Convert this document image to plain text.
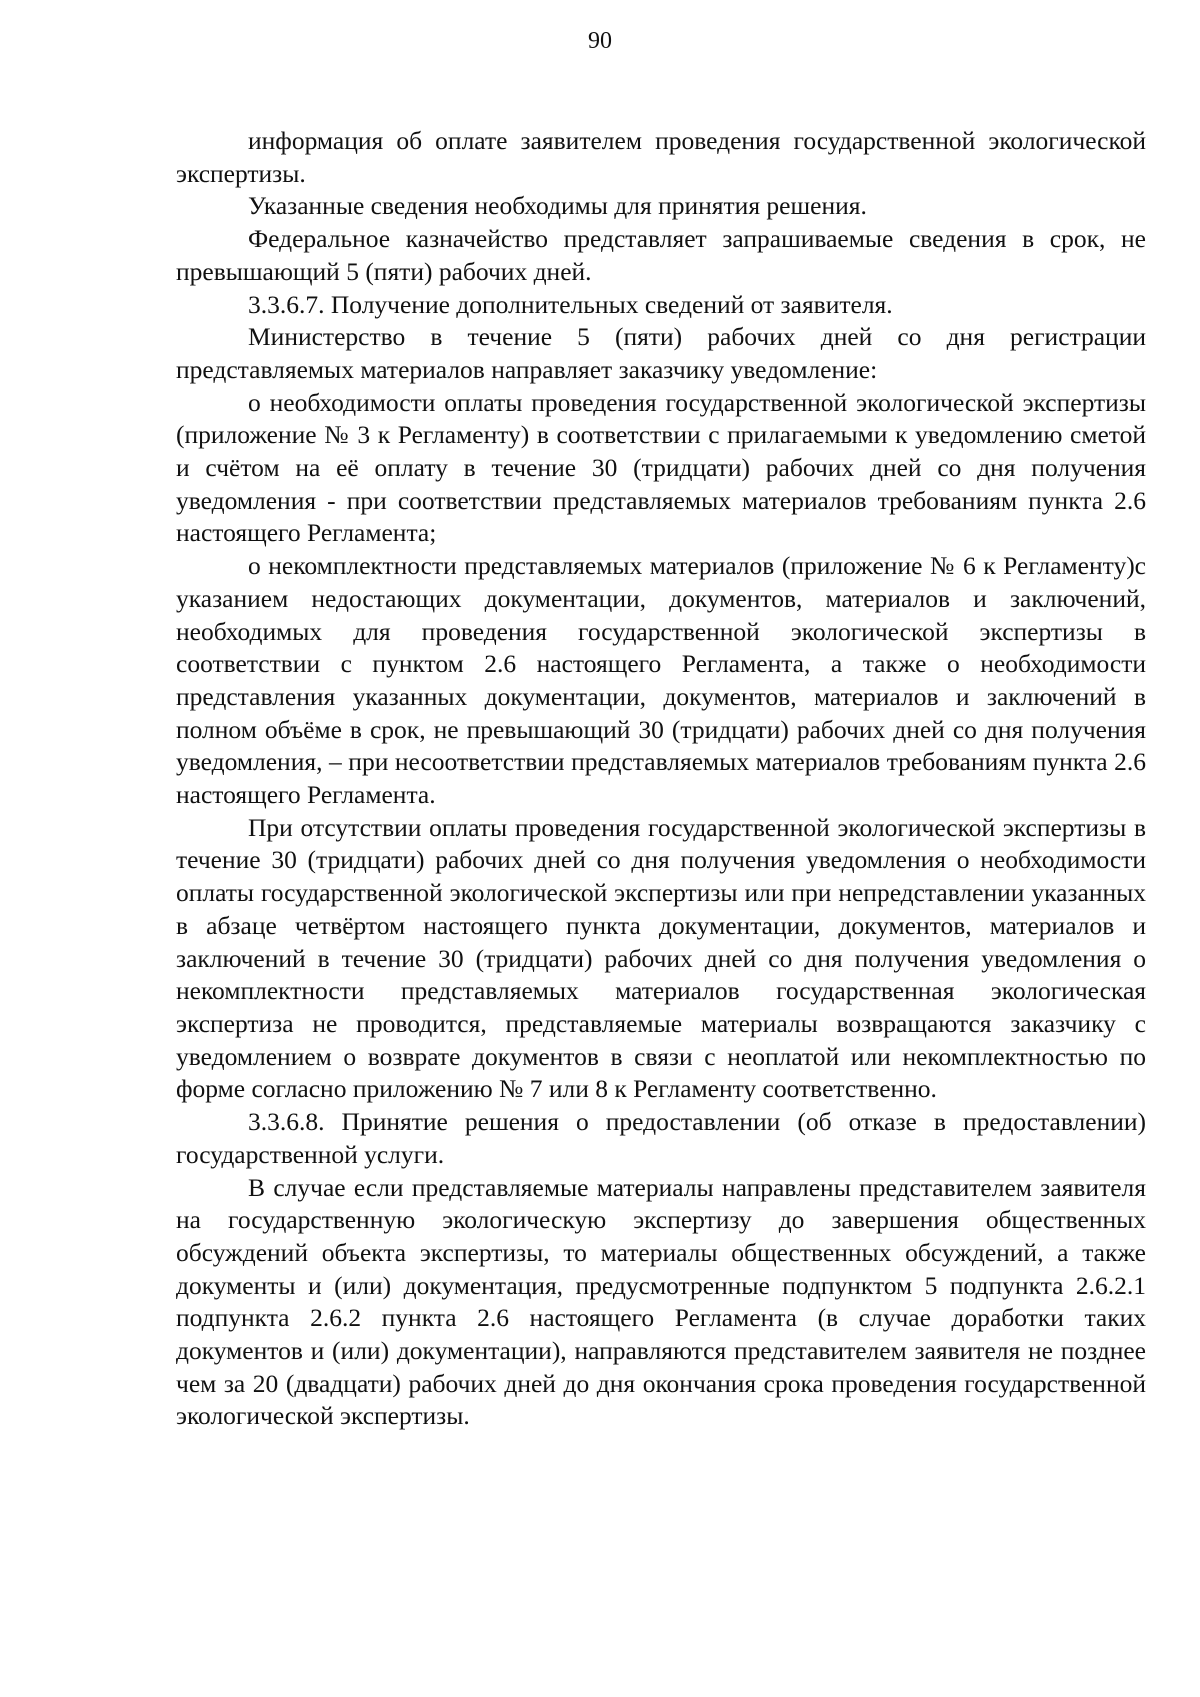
90

информация об оплате заявителем проведения государственной экологической экспертизы.

Указанные сведения необходимы для принятия решения.

Федеральное казначейство представляет запрашиваемые сведения в срок, не превышающий 5 (пяти) рабочих дней.

3.3.6.7. Получение дополнительных сведений от заявителя.

Министерство в течение 5 (пяти) рабочих дней со дня регистрации представляемых материалов направляет заказчику уведомление:

о необходимости оплаты проведения государственной экологической экспертизы (приложение № 3 к Регламенту) в соответствии с прилагаемыми к уведомлению сметой и счётом на её оплату в течение 30 (тридцати) рабочих дней со дня получения уведомления - при соответствии представляемых материалов требованиям пункта 2.6 настоящего Регламента;

о некомплектности представляемых материалов (приложение № 6 к Регламенту)с указанием недостающих документации, документов, материалов и заключений, необходимых для проведения государственной экологической экспертизы в соответствии с пунктом 2.6 настоящего Регламента, а также о необходимости представления указанных документации, документов, материалов и заключений в полном объёме в срок, не превышающий 30 (тридцати) рабочих дней со дня получения уведомления, – при несоответствии представляемых материалов требованиям пункта 2.6 настоящего Регламента.

При отсутствии оплаты проведения государственной экологической экспертизы в течение 30 (тридцати) рабочих дней со дня получения уведомления о необходимости оплаты государственной экологической экспертизы или при непредставлении указанных в абзаце четвёртом настоящего пункта документации, документов, материалов и заключений в течение 30 (тридцати) рабочих дней со дня получения уведомления о некомплектности представляемых материалов государственная экологическая экспертиза не проводится, представляемые материалы возвращаются заказчику с уведомлением о возврате документов в связи с неоплатой или некомплектностью по форме согласно приложению № 7 или 8 к Регламенту соответственно.

3.3.6.8. Принятие решения о предоставлении (об отказе в предоставлении) государственной услуги.

В случае если представляемые материалы направлены представителем заявителя на государственную экологическую экспертизу до завершения общественных обсуждений объекта экспертизы, то материалы общественных обсуждений, а также документы и (или) документация, предусмотренные подпунктом 5 подпункта 2.6.2.1 подпункта 2.6.2 пункта 2.6 настоящего Регламента (в случае доработки таких документов и (или) документации), направляются представителем заявителя не позднее чем за 20 (двадцати) рабочих дней до дня окончания срока проведения государственной экологической экспертизы.
